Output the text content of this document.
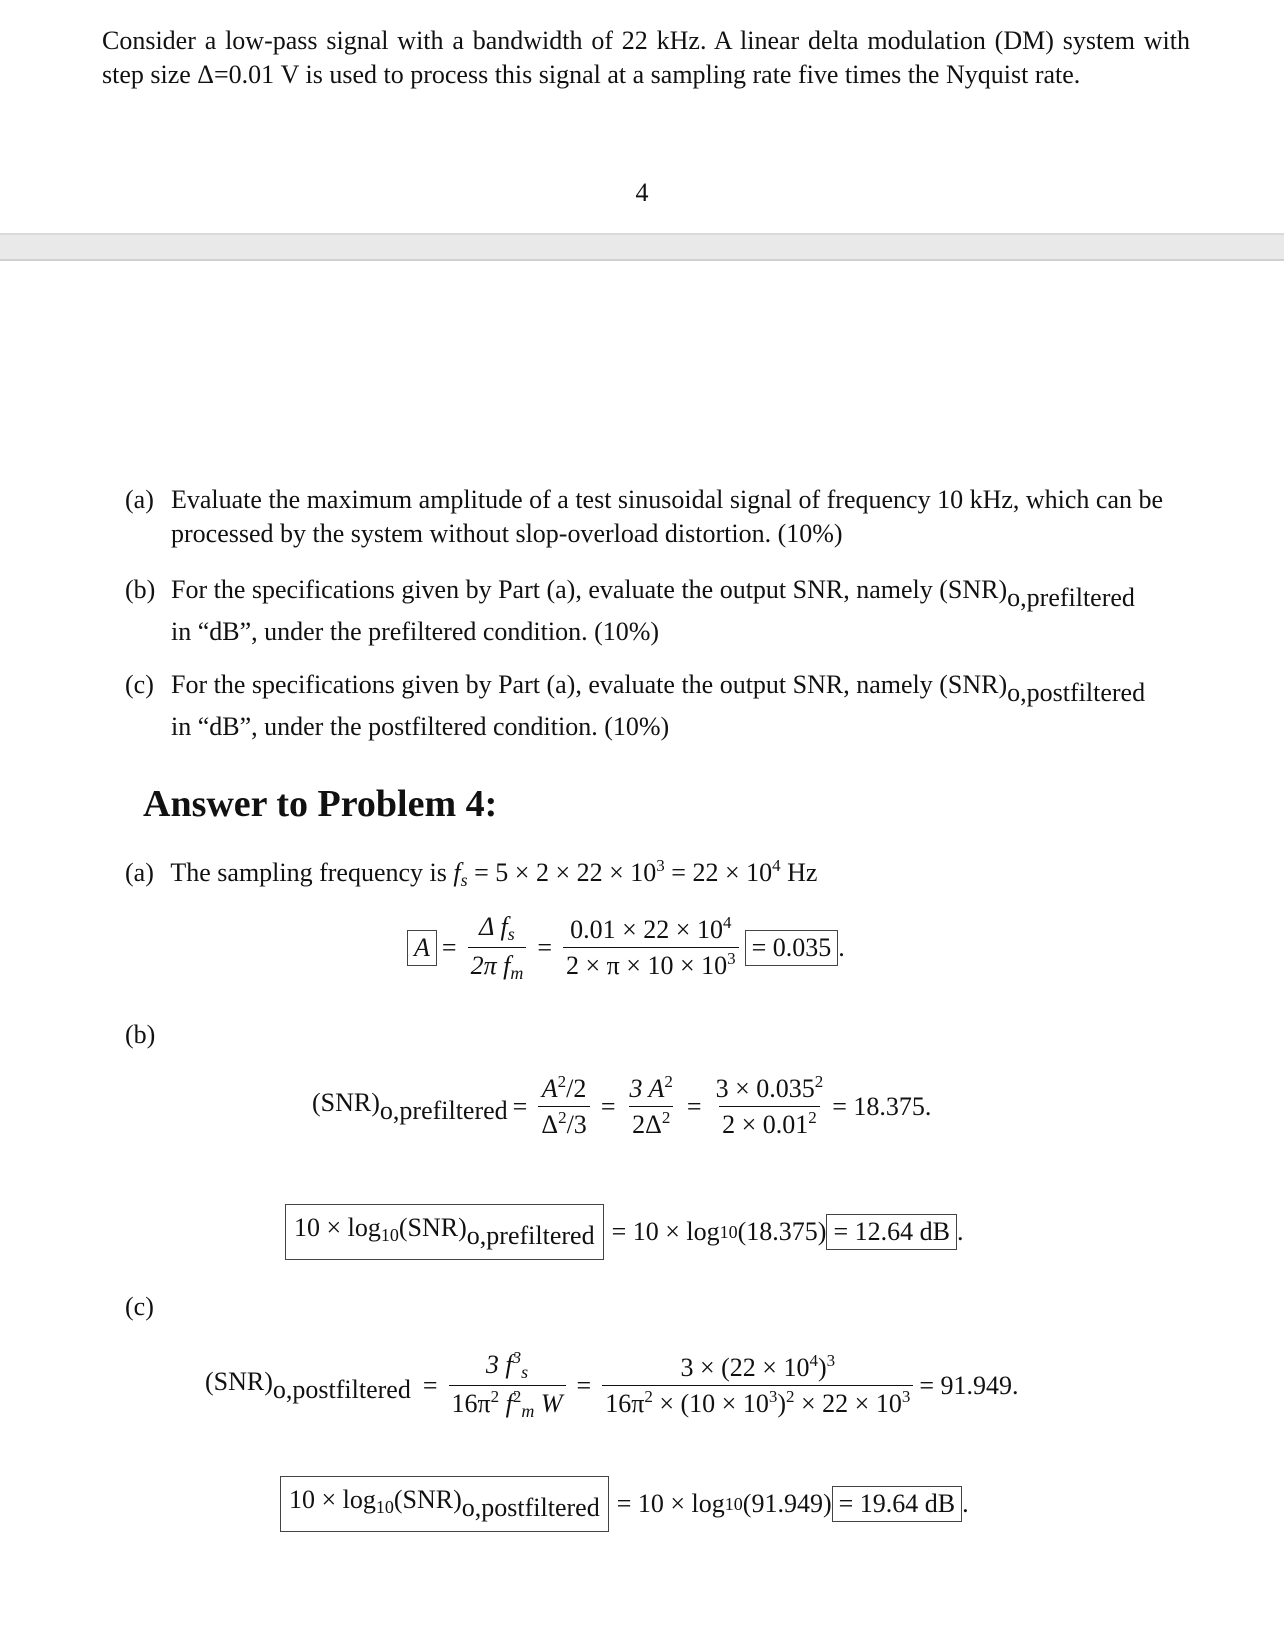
Consider a low-pass signal with a bandwidth of 22 kHz. A linear delta modulation (DM) system with step size Δ=0.01 V is used to process this signal at a sampling rate five times the Nyquist rate.
4
(a) Evaluate the maximum amplitude of a test sinusoidal signal of frequency 10 kHz, which can be processed by the system without slop-overload distortion. (10%)
(b) For the specifications given by Part (a), evaluate the output SNR, namely (SNR)o,prefiltered
in “dB”, under the prefiltered condition. (10%)
(c) For the specifications given by Part (a), evaluate the output SNR, namely (SNR)o,postfiltered
in “dB”, under the postfiltered condition. (10%)
Answer to Problem 4:
(a) The sampling frequency is $f_s = 5 \times 2 \times 22 \times 10^3 = 22 \times 10^4$ Hz
$A = \frac{\Delta f_s}{2\pi f_m} = \frac{0.01 \times 22 \times 10^4}{2 \times \pi \times 10 \times 10^3} = 0.035$ .
(b)
(SNR)o,prefiltered = $\frac{A^2/2}{\Delta^2/3} = \frac{3 A^2}{2\Delta^2} = \frac{3 \times 0.035^2}{2 \times 0.01^2} = 18.375$.
$10 \times \log_{10}(SNR)o,prefiltered = 10 \times \log 10$ (18.375) = 12.64 dB .
(c)
(SNR)o,postfiltered = $\frac{3 f^3_s}{16\pi^2 f^2_m W} = \frac{3 \times (22 \times 10^4)^3}{16\pi^2 \times (10 \times 10^3)^2 \times 22 \times 10^3} = 91.949$.
$10 \times \log_{10}(SNR)o,postfiltered = 10 \times \log 10$ (91.949) = 19.64 dB .
